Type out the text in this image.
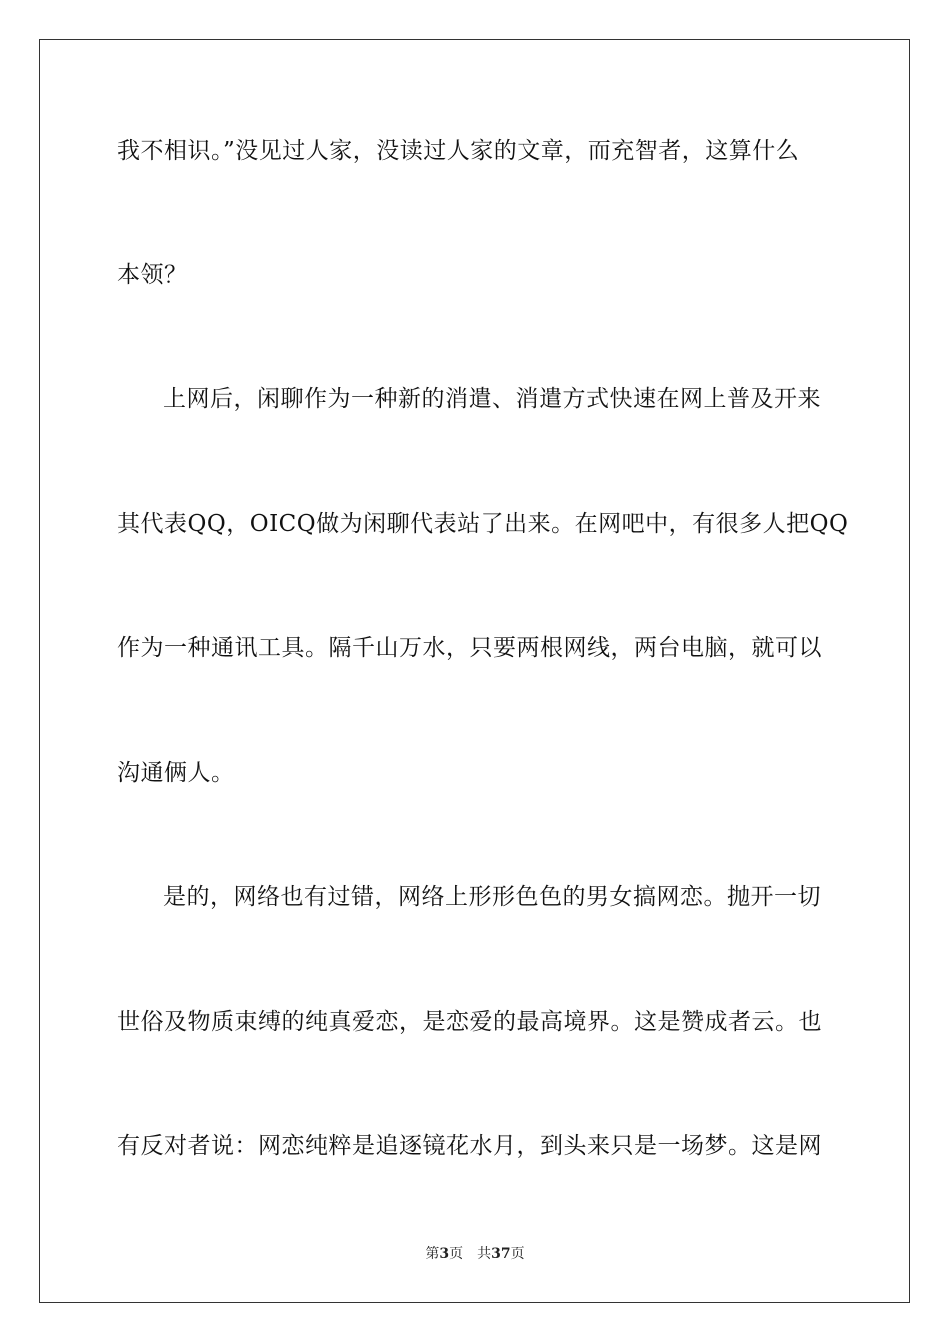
我不相识。”没见过人家，没读过人家的文章，而充智者，这算什么
本领？
上网后，闲聊作为一种新的消遣、消遣方式快速在网上普及开来
其代表QQ，OICQ做为闲聊代表站了出来。在网吧中，有很多人把QQ
作为一种通讯工具。隔千山万水，只要两根网线，两台电脑，就可以
沟通俩人。
是的，网络也有过错，网络上形形色色的男女搞网恋。抛开一切
世俗及物质束缚的纯真爱恋，是恋爱的最高境界。这是赞成者云。也
有反对者说：网恋纯粹是追逐镜花水月，到头来只是一场梦。这是网
第3页 共37页
